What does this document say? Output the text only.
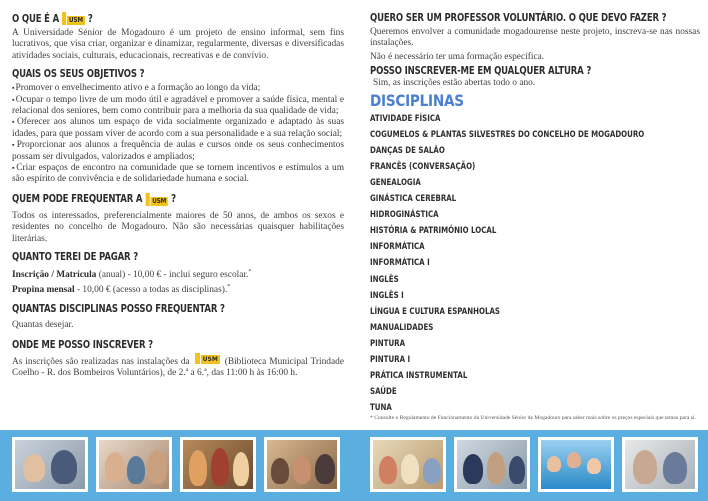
O QUE É A USM ?

A Universidade Sénior de Mogadouro é um projeto de ensino informal, sem fins lucrativos, que visa criar, organizar e dinamizar, regularmente, diversas e diversificadas atividades sociais, culturais, educacionais, recreativas e de convívio.

QUAIS OS SEUS OBJETIVOS ?
▪ Promover o envelhecimento ativo e a formação ao longo da vida;
▪ Ocupar o tempo livre de um modo útil e agradável e promover a saúde física, mental e relacional dos seniores, bem como contribuir para a melhoria da sua qualidade de vida;
▪ Oferecer aos alunos um espaço de vida socialmente organizado e adaptado às suas idades, para que possam viver de acordo com a sua personalidade e a sua relação social;
▪ Proporcionar aos alunos a frequência de aulas e cursos onde os seus conhecimentos possam ser divulgados, valorizados e ampliados;
▪ Criar espaços de encontro na comunidade que se tornem incentivos e estímulos a um são espírito de convivência e de solidariedade humana e social.
QUEM PODE FREQUENTAR A USM ?

Todos os interessados, preferencialmente maiores de 50 anos, de ambos os sexos e residentes no concelho de Mogadouro. Não são necessárias quaisquer habilitações literárias.

QUANTO TEREI DE PAGAR ?

Inscrição / Matrícula (anual) - 10,00 € - inclui seguro escolar.*

Propina mensal - 10,00 € (acesso a todas as disciplinas).*

QUANTAS DISCIPLINAS POSSO FREQUENTAR ?

Quantas desejar.

ONDE ME POSSO INSCREVER ?

As inscrições são realizadas nas instalações da	USM (Biblioteca Municipal Trindade Coelho - R. dos Bombeiros Voluntários), de 2.ª a 6.ª, das 11:00 h às 16:00 h.

QUERO SER UM PROFESSOR VOLUNTÁRIO. O QUE DEVO FAZER ?

Queremos envolver a comunidade mogadourense neste projeto, inscreva-se nas nossas instalações.

Não é necessário ter uma formação específica.

POSSO INSCREVER-ME EM QUALQUER ALTURA ?

Sim, as inscrições estão abertas todo o ano.

DISCIPLINAS
ATIVIDADE FÍSICA
COGUMELOS & PLANTAS SILVESTRES DO CONCELHO DE MOGADOURO
DANÇAS DE SALÃO
FRANCÊS (CONVERSAÇÃO)
GENEALOGIA
GINÁSTICA CEREBRAL
HIDROGINÁSTICA
HISTÓRIA & PATRIMÓNIO LOCAL
INFORMÁTICA
INFORMÁTICA I
INGLÊS
INGLÊS I
LÍNGUA E CULTURA ESPANHOLAS
MANUALIDADES
PINTURA
PINTURA I
PRÁTICA INSTRUMENTAL
SAÚDE
TUNA

* Consulte o Regulamento de Funcionamento da Universidade Sénior de Mogadouro para saber mais sobre os preços especiais que temos para si.
